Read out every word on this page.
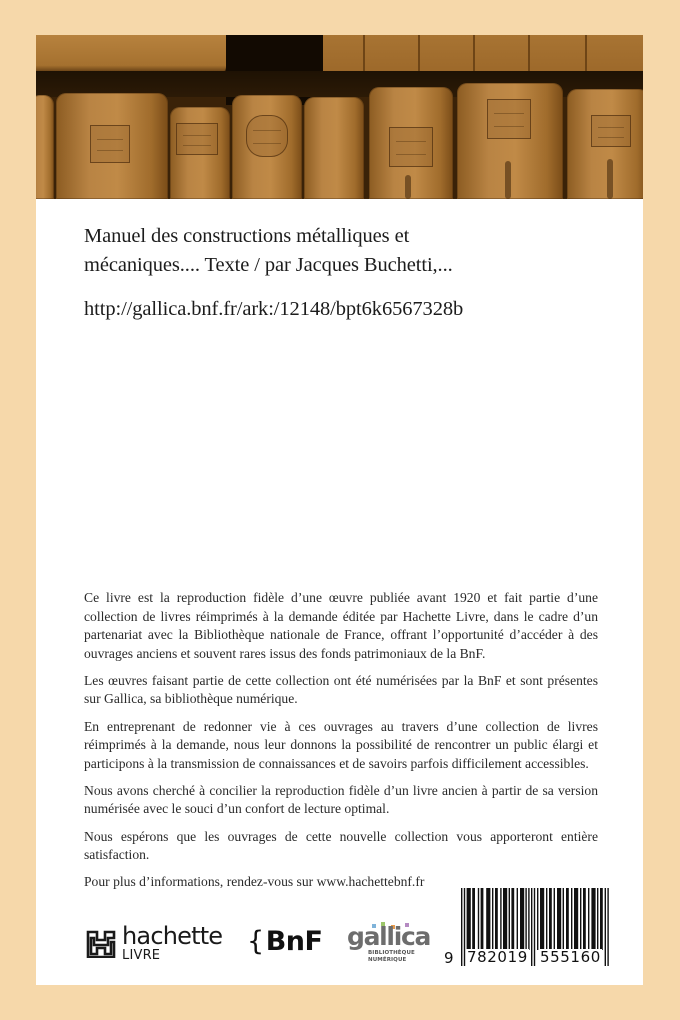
Manuel des constructions métalliques et
mécaniques.... Texte / par Jacques Buchetti,...
http://gallica.bnf.fr/ark:/12148/bpt6k6567328b

Ce livre est la reproduction fidèle d’une œuvre publiée avant 1920 et fait partie d’une collection de livres réimprimés à la demande éditée par Hachette Livre, dans le cadre d’un partenariat avec la Bibliothèque nationale de France, offrant l’opportunité d’accéder à des ouvrages anciens et souvent rares issus des fonds patrimoniaux de la BnF.

Les œuvres faisant partie de cette collection ont été numérisées par la BnF et sont présentes sur Gallica, sa bibliothèque numérique.

En entreprenant de redonner vie à ces ouvrages au travers d’une collection de livres réimprimés à la demande, nous leur donnons la possibilité de rencontrer un public élargi et participons à la transmission de connaissances et de savoirs parfois difficilement accessibles.

Nous avons cherché à concilier la reproduction fidèle d’un livre ancien à partir de sa version numérisée avec le souci d’un confort de lecture optimal.

Nous espérons que les ouvrages de cette nouvelle collection vous apporteront entière satisfaction.

Pour plus d’informations, rendez-vous sur www.hachettebnf.fr

hachette
LIVRE	{BnF gallica
BIBLIOTHÈQUE
NUMÉRIQUE	9 782019 555160
